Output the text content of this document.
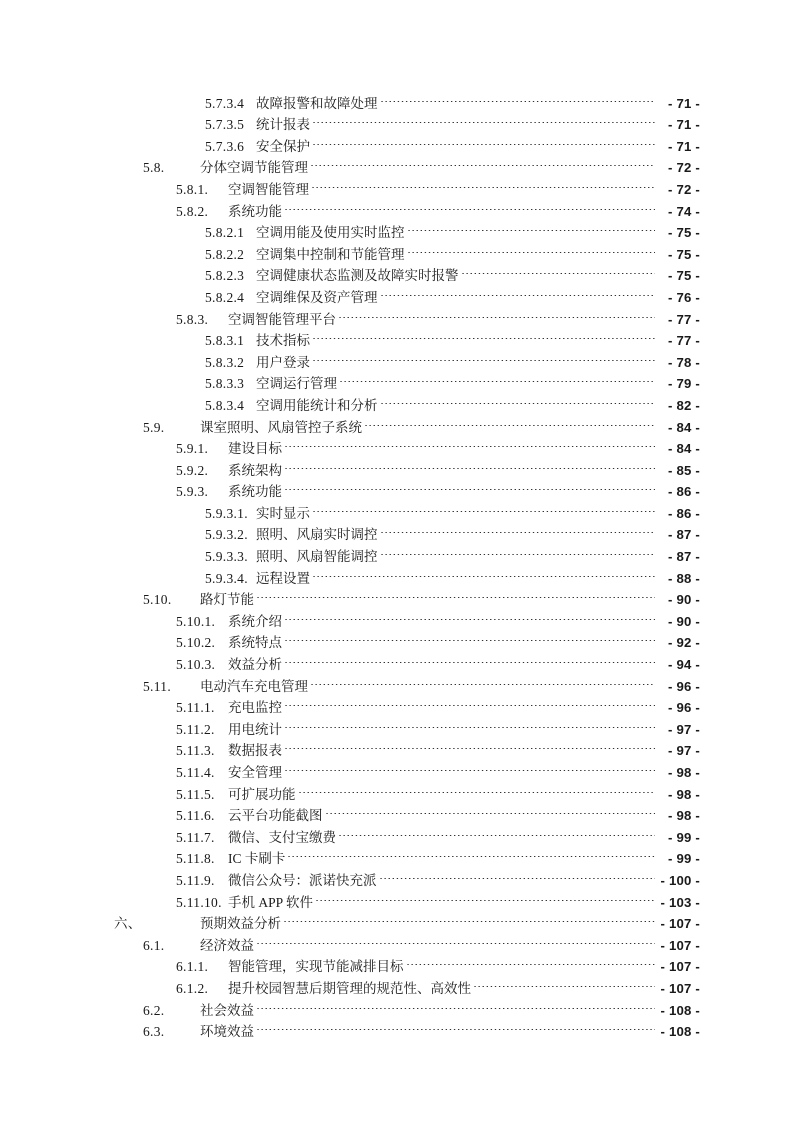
5.7.3.4 故障报警和故障处理	- 71 -
5.7.3.5 统计报表	- 71 -
5.7.3.6 安全保护	- 71 -
5.8.	分体空调节能管理	- 72 -
5.8.1.	空调智能管理	- 72 -
5.8.2.	系统功能	- 74 -
5.8.2.1 空调用能及使用实时监控	- 75 -
5.8.2.2 空调集中控制和节能管理	- 75 -
5.8.2.3 空调健康状态监测及故障实时报警	- 75 -
5.8.2.4 空调维保及资产管理	- 76 -
5.8.3.	空调智能管理平台	- 77 -
5.8.3.1 技术指标	- 77 -
5.8.3.2 用户登录	- 78 -
5.8.3.3 空调运行管理	- 79 -
5.8.3.4 空调用能统计和分析	- 82 -
5.9.	课室照明、风扇管控子系统	- 84 -
5.9.1.	建设目标	- 84 -
5.9.2.	系统架构	- 85 -
5.9.3.	系统功能	- 86 -
5.9.3.1. 实时显示	- 86 -
5.9.3.2. 照明、风扇实时调控	- 87 -
5.9.3.3. 照明、风扇智能调控	- 87 -
5.9.3.4. 远程设置	- 88 -
5.10.	路灯节能	- 90 -
5.10.1. 系统介绍	- 90 -
5.10.2. 系统特点	- 92 -
5.10.3. 效益分析	- 94 -
5.11.	电动汽车充电管理	- 96 -
5.11.1. 充电监控	- 96 -
5.11.2. 用电统计	- 97 -
5.11.3. 数据报表	- 97 -
5.11.4. 安全管理	- 98 -
5.11.5. 可扩展功能	- 98 -
5.11.6. 云平台功能截图	- 98 -
5.11.7. 微信、支付宝缴费	- 99 -
5.11.8. IC 卡刷卡	- 99 -
5.11.9. 微信公众号：派诺快充派	- 100 -
5.11.10. 手机 APP 软件	- 103 -
六、	预期效益分析	- 107 -
6.1.	经济效益	- 107 -
6.1.1.	智能管理，实现节能减排目标	- 107 -
6.1.2.	提升校园智慧后期管理的规范性、高效性	- 107 -
6.2.	社会效益	- 108 -
6.3.	环境效益	- 108 -
